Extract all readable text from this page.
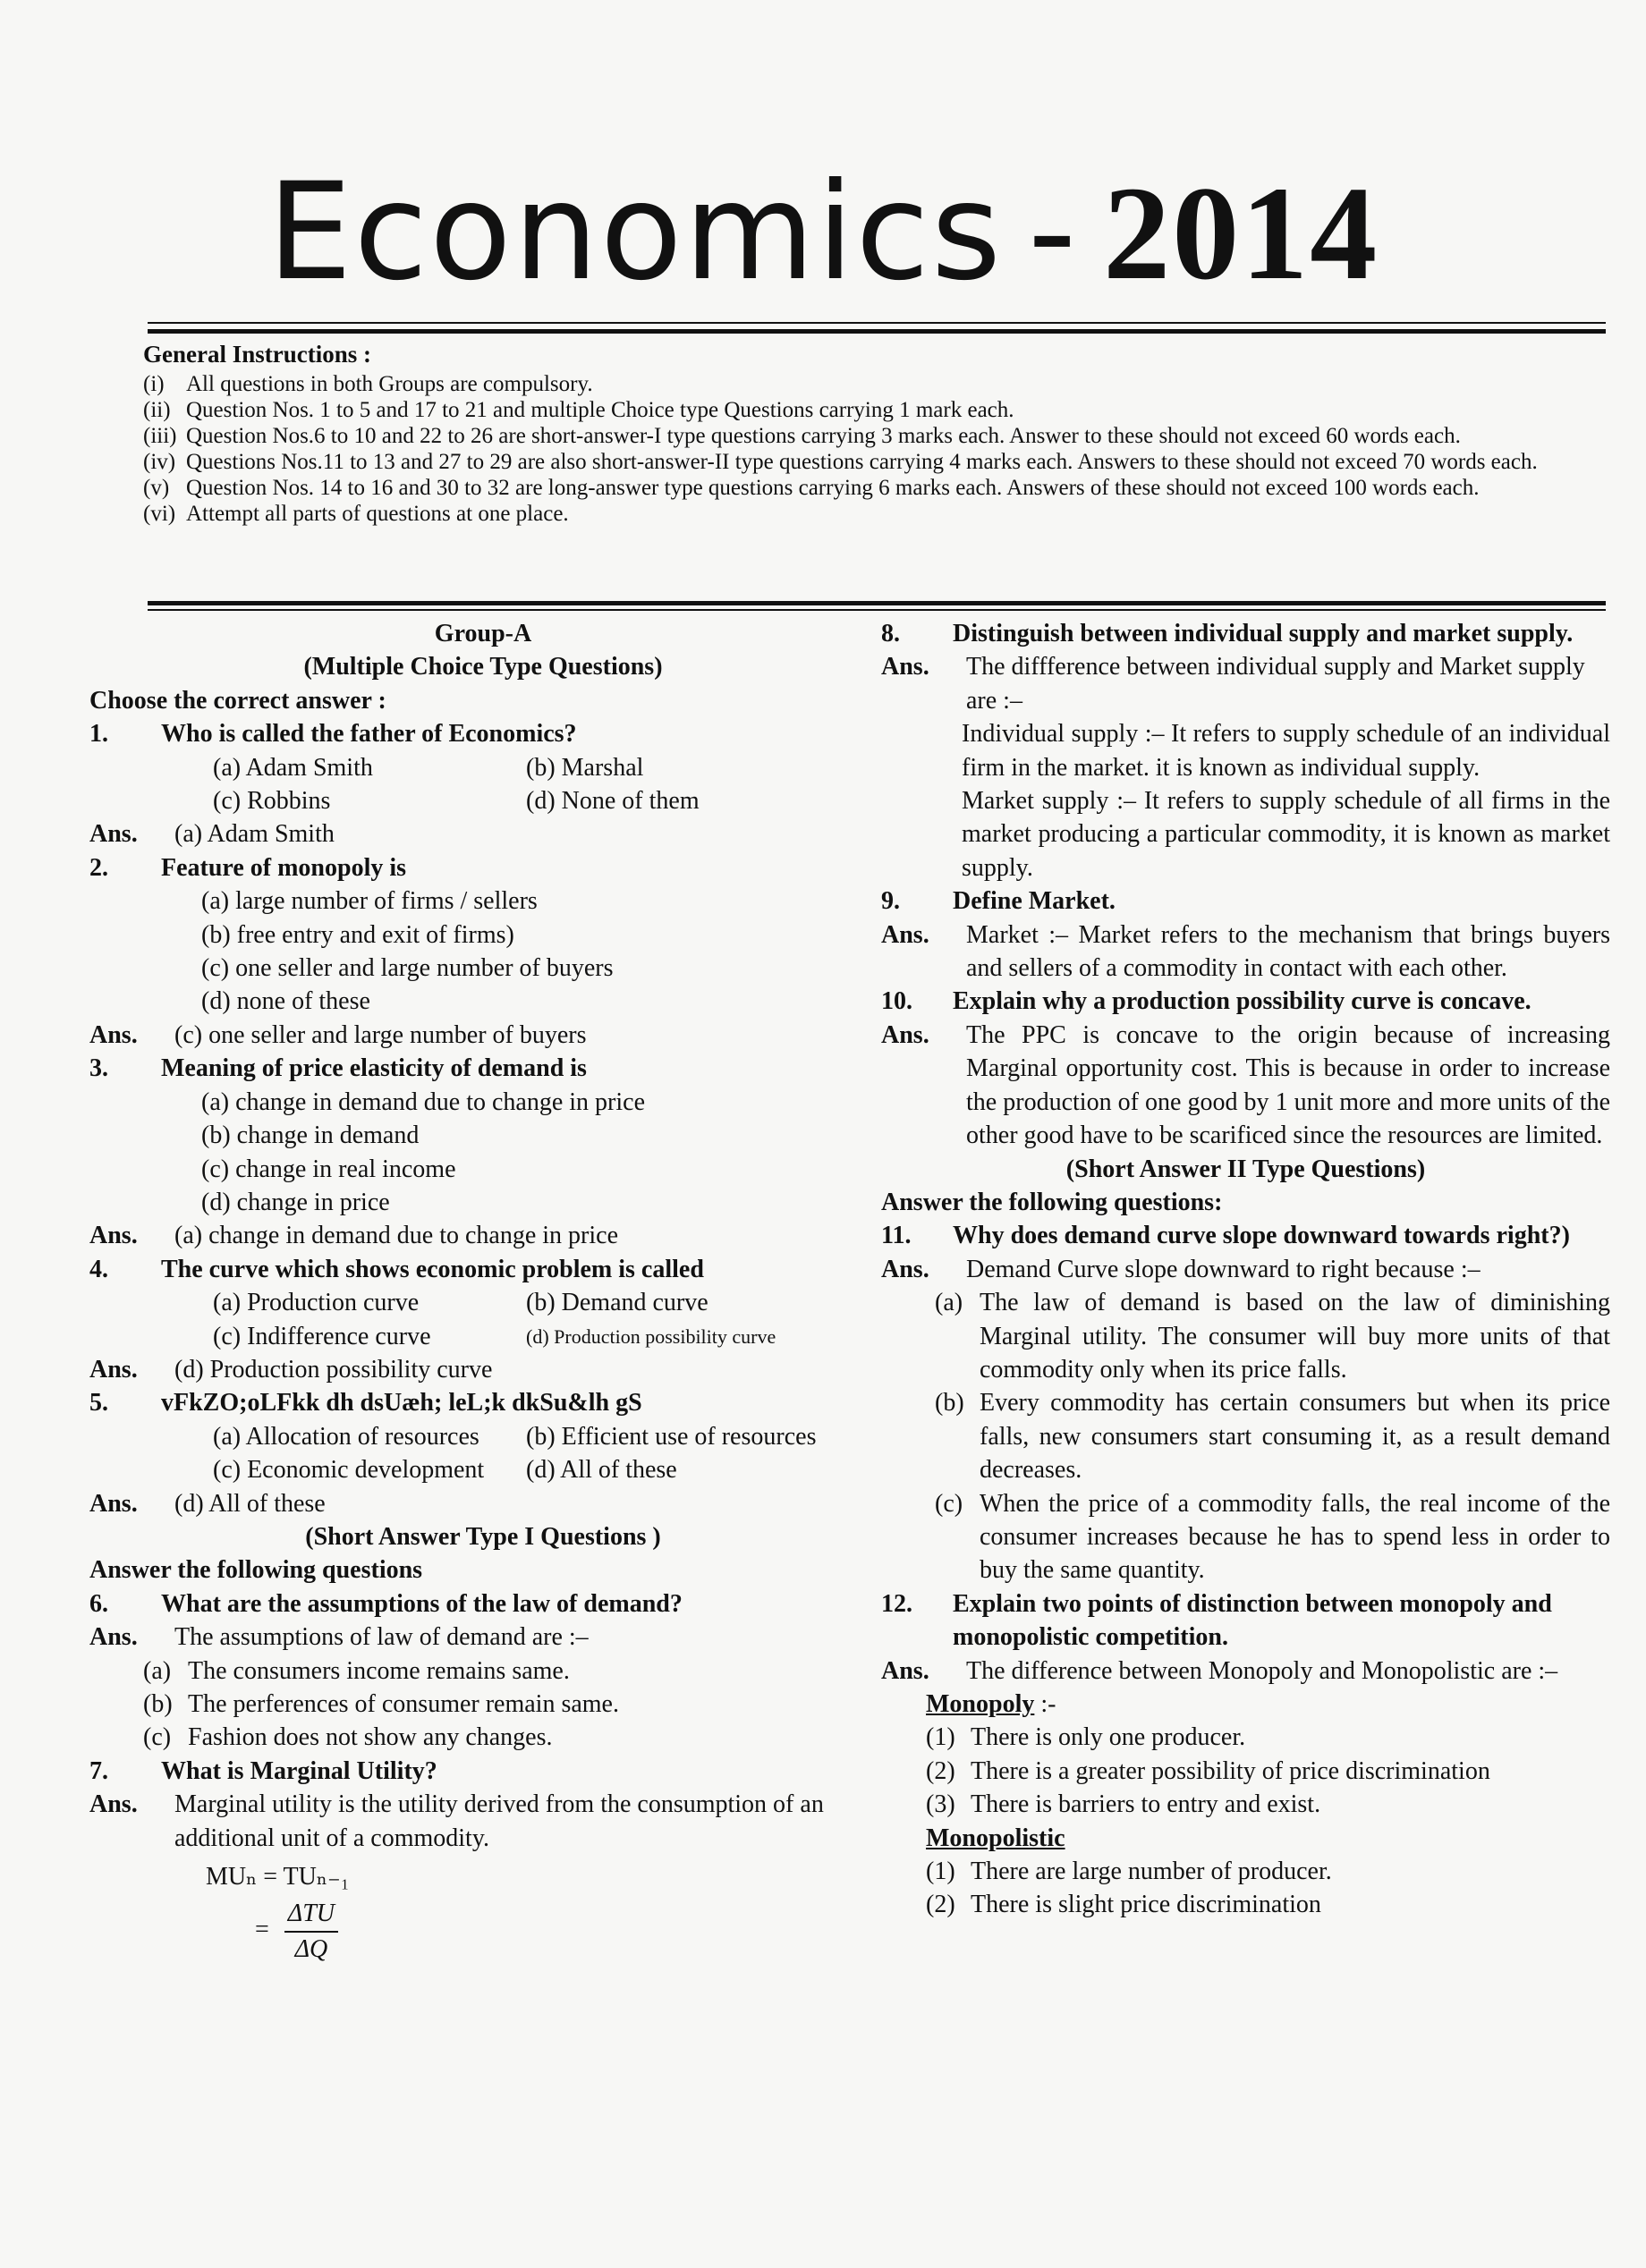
Economics - 2014
General Instructions :
(i) All questions in both Groups are compulsory.
(ii) Question Nos. 1 to 5 and 17 to 21 and multiple Choice type Questions carrying 1 mark each.
(iii) Question Nos.6 to 10 and 22 to 26 are short-answer-I type questions carrying 3 marks each. Answer to these should not exceed 60 words each.
(iv) Questions Nos.11 to 13 and 27 to 29 are also short-answer-II type questions carrying 4 marks each. Answers to these should not exceed 70 words each.
(v) Question Nos. 14 to 16 and 30 to 32 are long-answer type questions carrying 6 marks each. Answers of these should not exceed 100 words each.
(vi) Attempt all parts of questions at one place.
Group-A
(Multiple Choice Type Questions)
Choose the correct answer :
1.	Who is called the father of Economics?
(a) Adam Smith	(b) Marshal
(c) Robbins	(d) None of them
Ans.	(a) Adam Smith
2.	Feature of monopoly is
(a) large number of firms / sellers
(b) free entry and exit of firms)
(c) one seller and large number of buyers
(d) none of these
Ans.	(c) one seller and large number of buyers
3.	Meaning of price elasticity of demand is
(a) change in demand due to change in price
(b) change in demand
(c) change in real income
(d) change in price
Ans.	(a) change in demand due to change in price
4.	The curve which shows economic problem is called
(a) Production curve	(b) Demand curve
(c) Indifference curve	(d) Production possibility curve
Ans.	(d) Production possibility curve
5.	vFkZO;oLFkk dh dsUæh; leL;k dkSu&lh gS
(a) Allocation of resources	(b) Efficient use of resources
(c) Economic development	(d) All of these
Ans.	(d) All of these
(Short Answer Type I Questions )
Answer the following questions
6.	What are the assumptions of the law of demand?
Ans.	The assumptions of law of demand are :–
(a) The consumers income remains same.
(b) The perferences of consumer remain same.
(c) Fashion does not show any changes.
7.	What is Marginal Utility?
Ans.	Marginal utility is the utility derived from the consumption of an additional unit of a commodity.
MUₙ = TUₙ₋₁
= $\frac{\text{ΔTU}}{\Delta Q}$
8.	Distinguish between individual supply and market supply.
Ans.	The diffference between individual supply and Market supply are :–
Individual supply :– It refers to supply schedule of an individual firm in the market. it is known as individual supply.
Market supply :– It refers to supply schedule of all firms in the market producing a particular commodity, it is known as market supply.
9.	Define Market.
Ans.	Market :– Market refers to the mechanism that brings buyers and sellers of a commodity in contact with each other.
10.	Explain why a production possibility curve is concave.
Ans.	The PPC is concave to the origin because of increasing Marginal opportunity cost. This is because in order to increase the production of one good by 1 unit more and more units of the other good have to be scarificed since the resources are limited.
(Short Answer II Type Questions)
Answer the following questions:
11.	Why does demand curve slope downward towards right?)
Ans.	Demand Curve slope downward to right because :–
(a) The law of demand is based on the law of diminishing Marginal utility. The consumer will buy more units of that commodity only when its price falls.
(b) Every commodity has certain consumers but when its price falls, new consumers start consuming it, as a result demand decreases.
(c) When the price of a commodity falls, the real income of the consumer increases because he has to spend less in order to buy the same quantity.
12.	Explain two points of distinction between monopoly and monopolistic competition.
Ans.	The difference between Monopoly and Monopolistic are :–
Monopoly :-
(1) There is only one producer.
(2) There is a greater possibility of price discrimination
(3) There is barriers to entry and exist.
Monopolistic
(1) There are large number of producer.
(2) There is slight price discrimination
